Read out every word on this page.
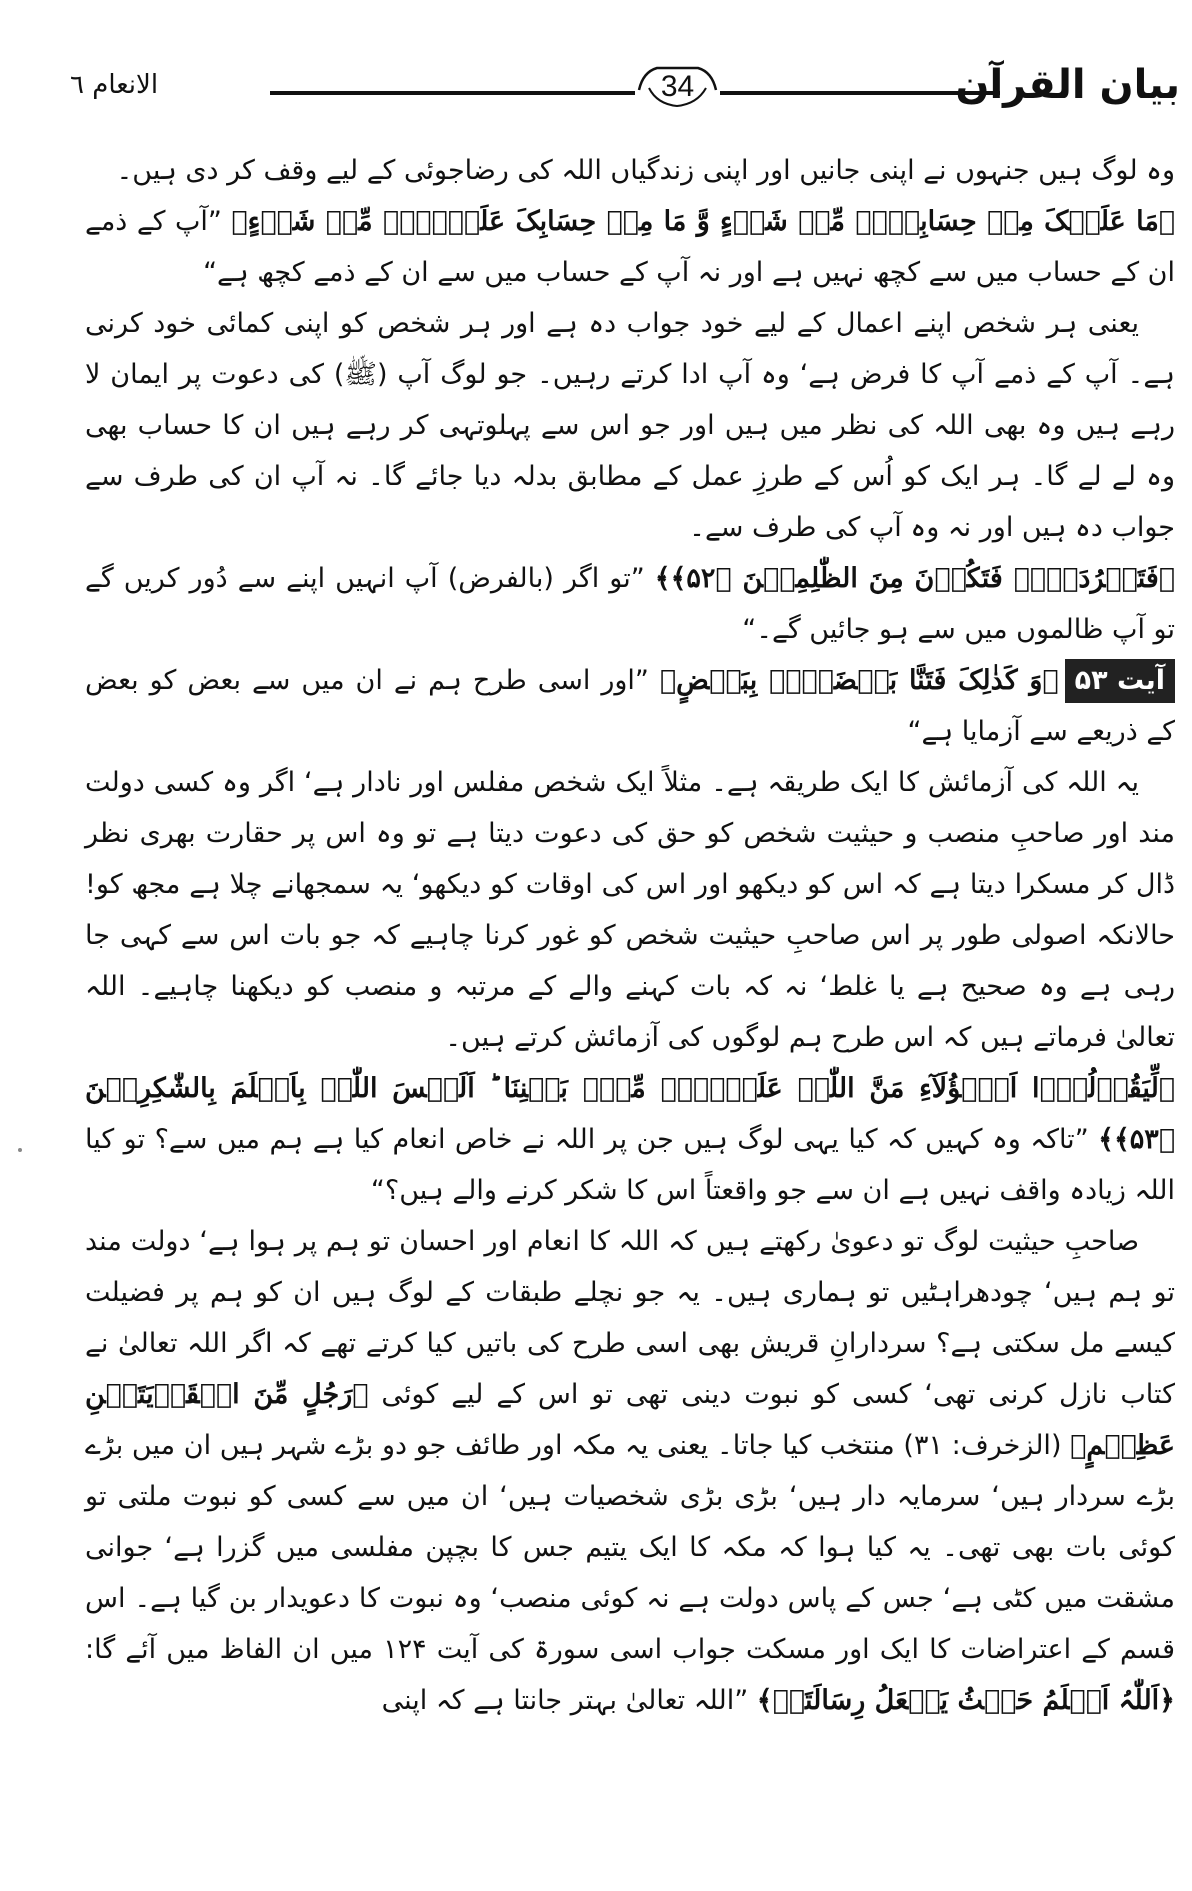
34	بیان القرآن
الانعام ٦

وہ لوگ ہیں جنہوں نے اپنی جانیں اور اپنی زندگیاں اللہ کی رضاجوئی کے لیے وقف کر دی ہیں۔

﴿مَا عَلَیۡکَ مِنۡ حِسَابِہِمۡ مِّنۡ شَیۡءٍ وَّ مَا مِنۡ حِسَابِکَ عَلَیۡہِمۡ مِّنۡ شَیۡءٍ﴾ ”آپ کے ذمے ان کے حساب میں سے کچھ نہیں ہے اور نہ آپ کے حساب میں سے ان کے ذمے کچھ ہے“

یعنی ہر شخص اپنے اعمال کے لیے خود جواب دہ ہے اور ہر شخص کو اپنی کمائی خود کرنی ہے۔ آپ کے ذمے آپ کا فرض ہے‘ وہ آپ ادا کرتے رہیں۔ جو لوگ آپ (ﷺ) کی دعوت پر ایمان لا رہے ہیں وہ بھی اللہ کی نظر میں ہیں اور جو اس سے پہلوتہی کر رہے ہیں ان کا حساب بھی وہ لے لے گا۔ ہر ایک کو اُس کے طرزِ عمل کے مطابق بدلہ دیا جائے گا۔ نہ آپ ان کی طرف سے جواب دہ ہیں اور نہ وہ آپ کی طرف سے۔

﴿فَتَطۡرُدَہُمۡ فَتَکُوۡنَ مِنَ الظّٰلِمِیۡنَ ﴿۵۲﴾﴾ ”تو اگر (بالفرض) آپ انہیں اپنے سے دُور کریں گے تو آپ ظالموں میں سے ہو جائیں گے۔“

آیت ۵۳﴿وَ کَذٰلِکَ فَتَنَّا بَعۡضَہُمۡ بِبَعۡضٍ﴾ ”اور اسی طرح ہم نے ان میں سے بعض کو بعض کے ذریعے سے آزمایا ہے“

یہ اللہ کی آزمائش کا ایک طریقہ ہے۔ مثلاً ایک شخص مفلس اور نادار ہے‘ اگر وہ کسی دولت مند اور صاحبِ منصب و حیثیت شخص کو حق کی دعوت دیتا ہے تو وہ اس پر حقارت بھری نظر ڈال کر مسکرا دیتا ہے کہ اس کو دیکھو اور اس کی اوقات کو دیکھو‘ یہ سمجھانے چلا ہے مجھ کو! حالانکہ اصولی طور پر اس صاحبِ حیثیت شخص کو غور کرنا چاہیے کہ جو بات اس سے کہی جا رہی ہے وہ صحیح ہے یا غلط‘ نہ کہ بات کہنے والے کے مرتبہ و منصب کو دیکھنا چاہیے۔ اللہ تعالیٰ فرماتے ہیں کہ اس طرح ہم لوگوں کی آزمائش کرتے ہیں۔

﴿لِّیَقُوۡلُوۡۤا اَہٰۤؤُلَآءِ مَنَّ اللّٰہُ عَلَیۡہِمۡ مِّنۡۢ بَیۡنِنَا ؕ اَلَیۡسَ اللّٰہُ بِاَعۡلَمَ بِالشّٰکِرِیۡنَ ﴿۵۳﴾﴾ ”تاکہ وہ کہیں کہ کیا یہی لوگ ہیں جن پر اللہ نے خاص انعام کیا ہے ہم میں سے؟ تو کیا اللہ زیادہ واقف نہیں ہے ان سے جو واقعتاً اس کا شکر کرنے والے ہیں؟“

صاحبِ حیثیت لوگ تو دعویٰ رکھتے ہیں کہ اللہ کا انعام اور احسان تو ہم پر ہوا ہے‘ دولت مند تو ہم ہیں‘ چودھراہٹیں تو ہماری ہیں۔ یہ جو نچلے طبقات کے لوگ ہیں ان کو ہم پر فضیلت کیسے مل سکتی ہے؟ سردارانِ قریش بھی اسی طرح کی باتیں کیا کرتے تھے کہ اگر اللہ تعالیٰ نے کتاب نازل کرنی تھی‘ کسی کو نبوت دینی تھی تو اس کے لیے کوئی ﴿رَجُلٍ مِّنَ الۡقَرۡیَتَیۡنِ عَظِیۡمٍ﴾ (الزخرف: ۳۱) منتخب کیا جاتا۔ یعنی یہ مکہ اور طائف جو دو بڑے شہر ہیں ان میں بڑے بڑے سردار ہیں‘ سرمایہ دار ہیں‘ بڑی بڑی شخصیات ہیں‘ ان میں سے کسی کو نبوت ملتی تو کوئی بات بھی تھی۔ یہ کیا ہوا کہ مکہ کا ایک یتیم جس کا بچپن مفلسی میں گزرا ہے‘ جوانی مشقت میں کٹی ہے‘ جس کے پاس دولت ہے نہ کوئی منصب‘ وہ نبوت کا دعویدار بن گیا ہے۔ اس قسم کے اعتراضات کا ایک اور مسکت جواب اسی سورۃ کی آیت ۱۲۴ میں ان الفاظ میں آئے گا: ﴿اَللّٰہُ اَعۡلَمُ حَیۡثُ یَجۡعَلُ رِسَالَتَہٗ﴾ ”اللہ تعالیٰ بہتر جانتا ہے کہ اپنی
